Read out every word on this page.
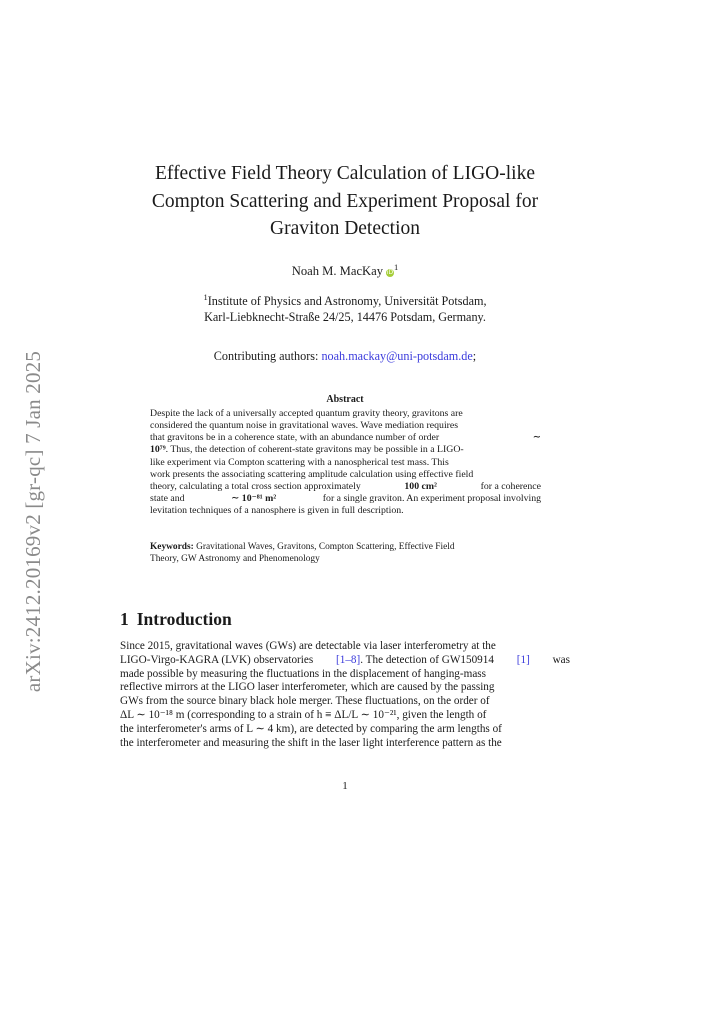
arXiv:2412.20169v2 [gr-qc] 7 Jan 2025
Effective Field Theory Calculation of LIGO-like
Compton Scattering and Experiment Proposal for
Graviton Detection
Noah M. MacKay $iD^1$
$^1$Institute of Physics and Astronomy, Universität Potsdam,
Karl-Liebknecht-Straße 24/25, 14476 Potsdam, Germany.
Contributing authors: noah.mackay@uni-potsdam.de;
Abstract
Despite the lack of a universally accepted quantum gravity theory, gravitons are
considered the quantum noise in gravitational waves. Wave mediation requires
that gravitons be in a coherence state, with an abundance number of order	∼
10⁷⁹. Thus, the detection of coherent-state gravitons may be possible in a LIGO-
like experiment via Compton scattering with a nanospherical test mass. This
work presents the associating scattering amplitude calculation using effective field
theory, calculating a total cross section approximately	100 cm²	for a coherence
state and	∼ 10⁻⁸¹ m²	for a single graviton. An experiment proposal involving
levitation techniques of a nanosphere is given in full description.
Keywords: Gravitational Waves, Gravitons, Compton Scattering, Effective Field
Theory, GW Astronomy and Phenomenology
1 Introduction
Since 2015, gravitational waves (GWs) are detectable via laser interferometry at the
LIGO-Virgo-KAGRA (LVK) observatories [1–8]. The detection of GW150914 [1] was
made possible by measuring the fluctuations in the displacement of hanging-mass
reflective mirrors at the LIGO laser interferometer, which are caused by the passing
GWs from the source binary black hole merger. These fluctuations, on the order of
ΔL ∼ 10⁻¹⁸ m (corresponding to a strain of h ≡ ΔL/L ∼ 10⁻²¹, given the length of
the interferometer's arms of L ∼ 4 km), are detected by comparing the arm lengths of
the interferometer and measuring the shift in the laser light interference pattern as the
1
